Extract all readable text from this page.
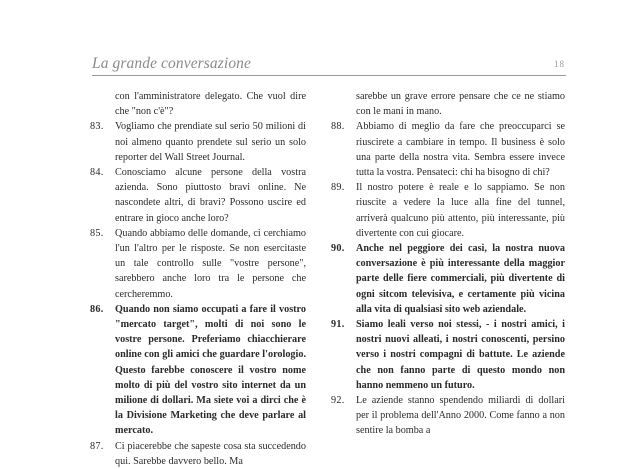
La grande conversazione	18
con l'amministratore delegato. Che vuol dire che "non c'è"?
83.	Vogliamo che prendiate sul serio 50 milioni di noi almeno quanto prendete sul serio un solo reporter del Wall Street Journal.
84.	Conosciamo alcune persone della vostra azienda. Sono piuttosto bravi online. Ne nascondete altri, di bravi? Possono uscire ed entrare in gioco anche loro?
85.	Quando abbiamo delle domande, ci cerchiamo l'un l'altro per le risposte. Se non esercitaste un tale controllo sulle "vostre persone", sarebbero anche loro tra le persone che cercheremmo.
86.	Quando non siamo occupati a fare il vostro "mercato target", molti di noi sono le vostre persone. Preferiamo chiacchierare online con gli amici che guardare l'orologio. Questo farebbe conoscere il vostro nome molto di più del vostro sito internet da un milione di dollari. Ma siete voi a dirci che è la Divisione Marketing che deve parlare al mercato.
87.	Ci piacerebbe che sapeste cosa sta succedendo qui. Sarebbe davvero bello. Ma
sarebbe un grave errore pensare che ce ne stiamo con le mani in mano.
88.	Abbiamo di meglio da fare che preoccuparci se riuscirete a cambiare in tempo. Il business è solo una parte della nostra vita. Sembra essere invece tutta la vostra. Pensateci: chi ha bisogno di chi?
89.	Il nostro potere è reale e lo sappiamo. Se non riuscite a vedere la luce alla fine del tunnel, arriverà qualcuno più attento, più interessante, più divertente con cui giocare.
90.	Anche nel peggiore dei casi, la nostra nuova conversazione è più interessante della maggior parte delle fiere commerciali, più divertente di ogni sitcom televisiva, e certamente più vicina alla vita di qualsiasi sito web aziendale.
91.	Siamo leali verso noi stessi, - i nostri amici, i nostri nuovi alleati, i nostri conoscenti, persino verso i nostri compagni di battute. Le aziende che non fanno parte di questo mondo non hanno nemmeno un futuro.
92.	Le aziende stanno spendendo miliardi di dollari per il problema dell'Anno 2000. Come fanno a non sentire la bomba a
